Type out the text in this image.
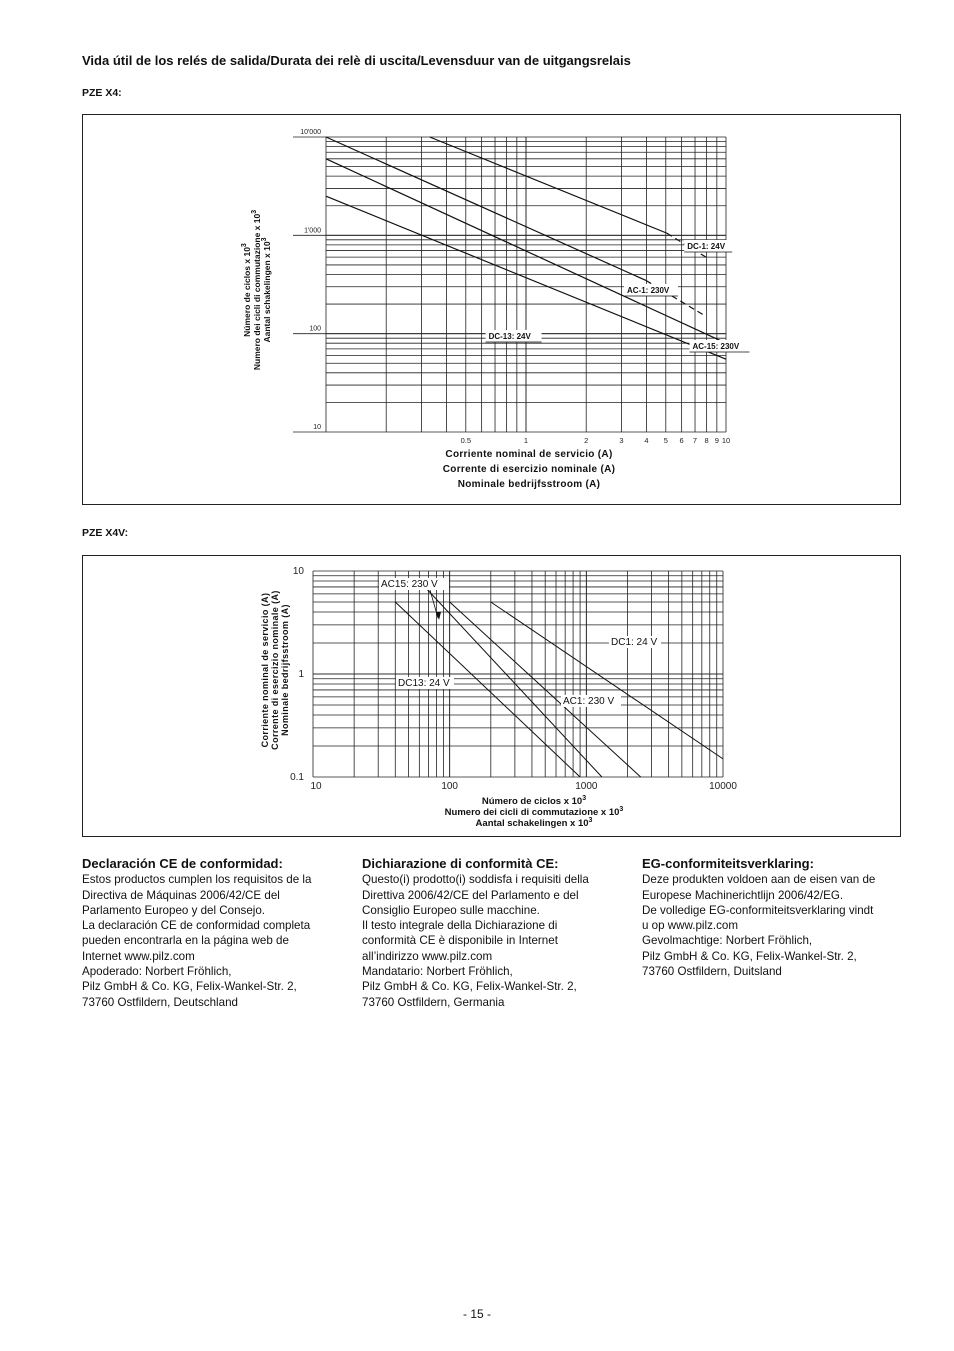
Vida útil de los relés de salida/Durata dei relè di uscita/Levensduur van de uitgangsrelais
PZE X4:
10'000
1'000
100
10
0.5	1	2	3	4 5 6 7 8 9 10
DC-1: 24V
AC-1: 230V
DC-13: 24V
AC-15: 230V
Corriente nominal de servicio (A)
Corrente di esercizio nominale (A)
Nominale bedrijfsstroom (A)
Número de ciclos x $10^3$ Numero dei cicli di commutazione x $10^3$
Aantal schakelingen x $10^3$
PZE X4V:
10
1
0.1
10	100	1000	10000
AC15: 230 V
DC13: 24 V
AC1: 230 V
DC1: 24 V
Número de ciclos x $10^3$
Numero dei cicli di commutazione x $10^3$
Aantal schakelingen x $10^3$
Corriente nominal de servicio (A) Corrente di esercizio nominale (A) Nominale bedrijfsstroom (A)
Declaración CE de conformidad:

Estos productos cumplen los requisitos de la
Directiva de Máquinas 2006/42/CE del
Parlamento Europeo y del Consejo.
La declaración CE de conformidad completa
pueden encontrarla en la página web de
Internet www.pilz.com
Apoderado: Norbert Fröhlich,
Pilz GmbH & Co. KG, Felix-Wankel-Str. 2,
73760 Ostfildern, Deutschland

Dichiarazione di conformità CE:

Questo(i) prodotto(i) soddisfa i requisiti della
Direttiva 2006/42/CE del Parlamento e del
Consiglio Europeo sulle macchine.
Il testo integrale della Dichiarazione di
conformità CE è disponibile in Internet
all’indirizzo www.pilz.com
Mandatario: Norbert Fröhlich,
Pilz GmbH & Co. KG, Felix-Wankel-Str. 2,
73760 Ostfildern, Germania

EG-conformiteitsverklaring:

Deze produkten voldoen aan de eisen van de
Europese Machinerichtlijn 2006/42/EG.
De volledige EG-conformiteitsverklaring vindt
u op www.pilz.com
Gevolmachtige: Norbert Fröhlich,
Pilz GmbH & Co. KG, Felix-Wankel-Str. 2,
73760 Ostfildern, Duitsland

- 15 -
